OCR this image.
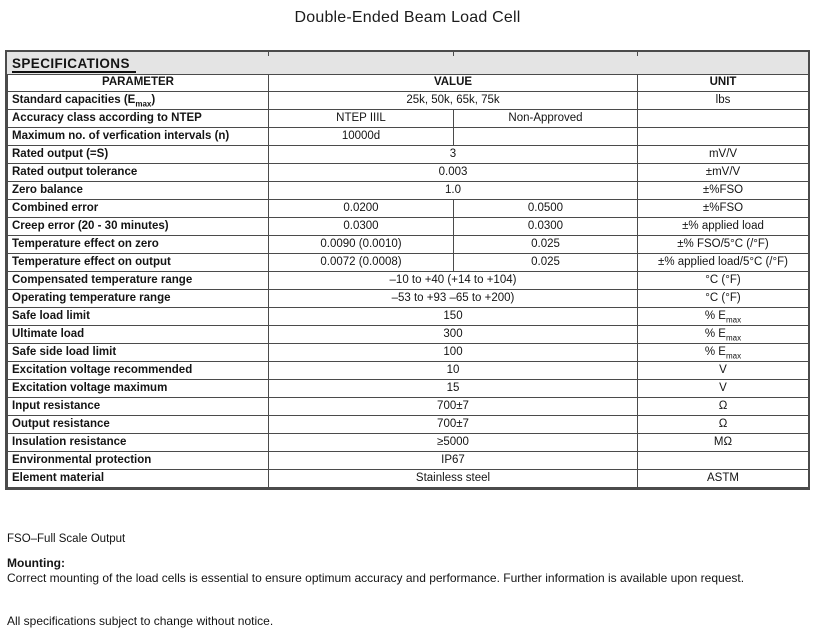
Double-Ended Beam Load Cell
SPECIFICATIONS
PARAMETER	VALUE		UNIT
Standard capacities $(E_{max})$	25k, 50k, 65k, 75k		lbs
Accuracy class according to NTEP	NTEP IIIL	Non-Approved	
Maximum no. of verfication intervals (n)	10000d		
Rated output (=S)	3		mV/V
Rated output tolerance	0.003		±mV/V
Zero balance	1.0		±%FSO
Combined error	0.0200	0.0500	±%FSO
Creep error (20 - 30 minutes)	0.0300	0.0300	±% applied load
Temperature effect on zero	0.0090 (0.0010)	0.025	±% FSO/5°C (/°F)
Temperature effect on output	0.0072 (0.0008)	0.025	±% applied load/5°C (/°F)
Compensated temperature range	–10 to +40 (+14 to +104)		°C (°F)
Operating temperature range	–53 to +93 –65 to +200)		°C (°F)
Safe load limit	150		% $E_{max}$
Ultimate load	300		% $E_{max}$
Safe side load limit	100		% $E_{max}$
Excitation voltage recommended	10		V
Excitation voltage maximum	15		V
Input resistance	700±7		Ω
Output resistance	700±7		Ω
Insulation resistance	≥5000		MΩ
Environmental protection	IP67		
Element material	Stainless steel		ASTM
FSO–Full Scale Output
Mounting:
Correct mounting of the load cells is essential to ensure optimum accuracy and performance. Further information is available upon request.
All specifications subject to change without notice.
